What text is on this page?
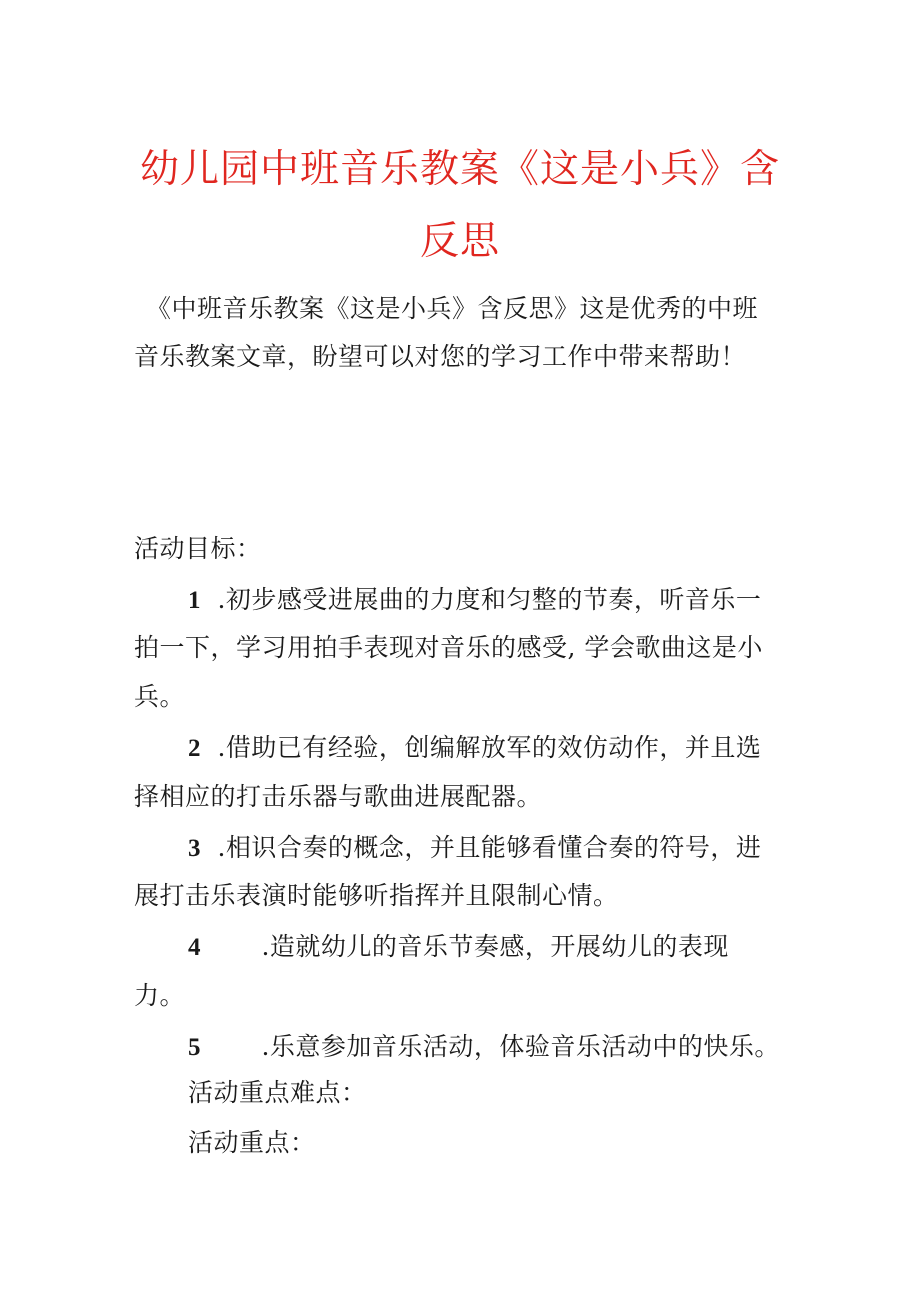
幼儿园中班音乐教案《这是小兵》含
反思
《中班音乐教案《这是小兵》含反思》这是优秀的中班
音乐教案文章，盼望可以对您的学习工作中带来帮助！
活动目标：
1 .初步感受进展曲的力度和匀整的节奏，听音乐一
拍一下，学习用拍手表现对音乐的感受, 学会歌曲这是小
兵。
2 .借助已有经验，创编解放军的效仿动作，并且选
择相应的打击乐器与歌曲进展配器。
3 .相识合奏的概念，并且能够看懂合奏的符号，进
展打击乐表演时能够听指挥并且限制心情。
4 .造就幼儿的音乐节奏感，开展幼儿的表现
力。
5 .乐意参加音乐活动，体验音乐活动中的快乐。
活动重点难点：
活动重点：
